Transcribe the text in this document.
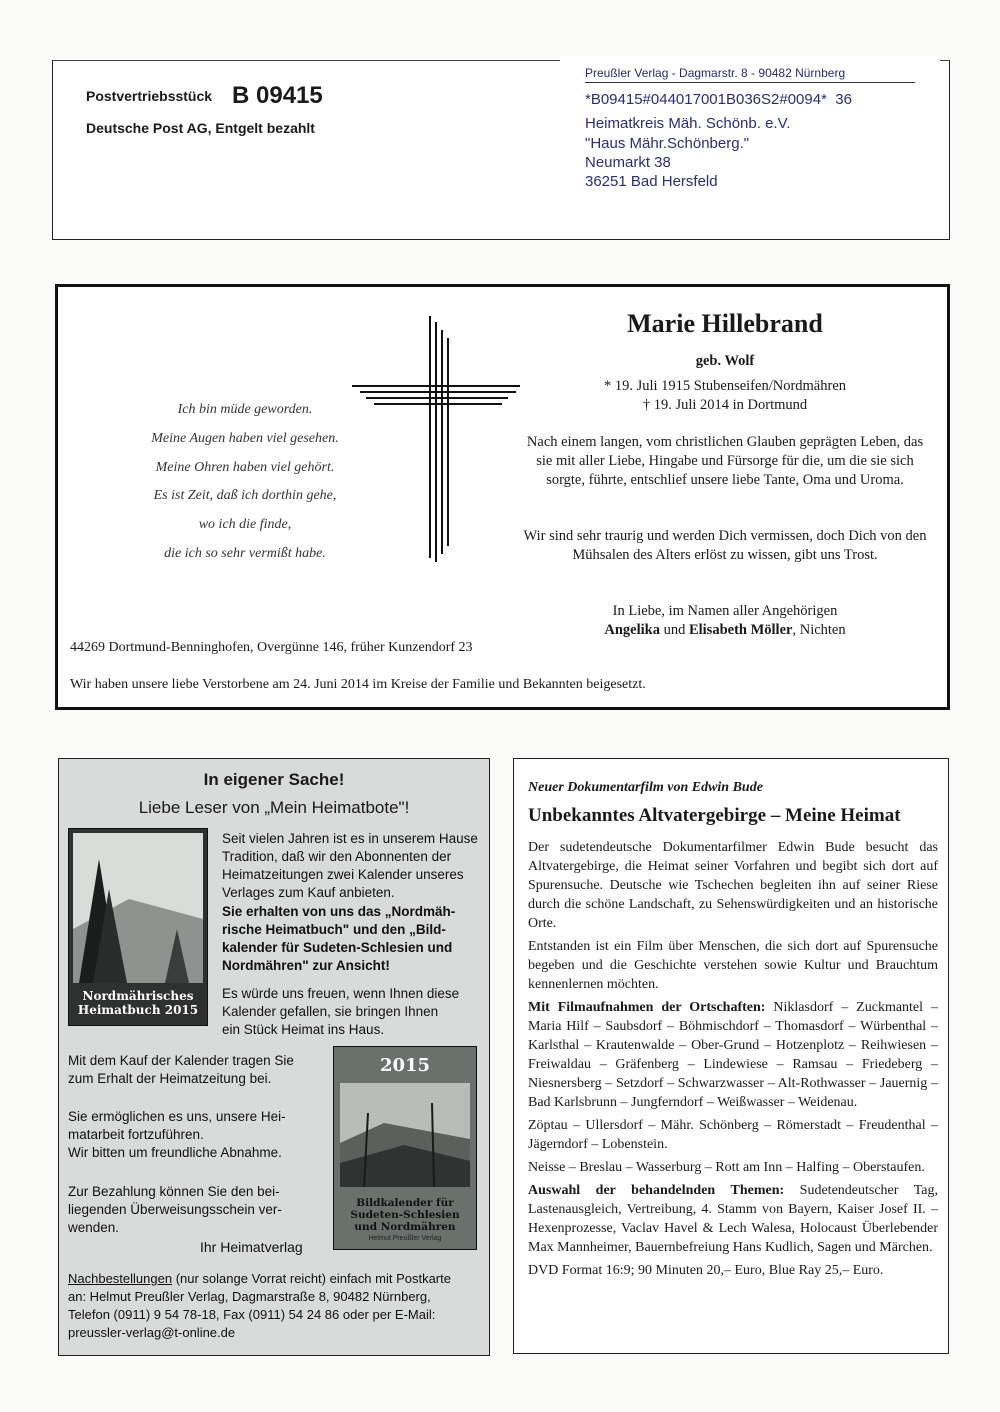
Postvertriebsstück B 09415
Deutsche Post AG, Entgelt bezahlt
Preußler Verlag - Dagmarstr. 8 - 90482 Nürnberg
*B09415#044017001B036S2#0094* 36
Heimatkreis Mäh. Schönb. e.V.
"Haus Mähr.Schönberg."
Neumarkt 38
36251 Bad Hersfeld
Ich bin müde geworden.
Meine Augen haben viel gesehen.
Meine Ohren haben viel gehört.
Es ist Zeit, daß ich dorthin gehe,
wo ich die finde,
die ich so sehr vermißt habe.
Marie Hillebrand
geb. Wolf
* 19. Juli 1915 Stubenseifen/Nordmähren
† 19. Juli 2014 in Dortmund
Nach einem langen, vom christlichen Glauben geprägten Leben, das sie mit aller Liebe, Hingabe und Fürsorge für die, um die sie sich sorgte, führte, entschlief unsere liebe Tante, Oma und Uroma.
Wir sind sehr traurig und werden Dich vermissen, doch Dich von den Mühsalen des Alters erlöst zu wissen, gibt uns Trost.
In Liebe, im Namen aller Angehörigen
Angelika und Elisabeth Möller, Nichten
44269 Dortmund-Benninghofen, Overgünne 146, früher Kunzendorf 23
Wir haben unsere liebe Verstorbene am 24. Juni 2014 im Kreise der Familie und Bekannten beigesetzt.
In eigener Sache!
Liebe Leser von „Mein Heimatbote"!
Nordmährisches Heimatbuch 2015
Seit vielen Jahren ist es in unserem Hause
Tradition, daß wir den Abonnenten der
Heimatzeitungen zwei Kalender unseres
Verlages zum Kauf anbieten.
Sie erhalten von uns das „Nordmäh-
rische Heimatbuch" und den „Bild-
kalender für Sudeten-Schlesien und
Nordmähren" zur Ansicht!
Es würde uns freuen, wenn Ihnen diese
Kalender gefallen, sie bringen Ihnen
ein Stück Heimat ins Haus.
Mit dem Kauf der Kalender tragen Sie
zum Erhalt der Heimatzeitung bei.
Sie ermöglichen es uns, unsere Hei-
matarbeit fortzuführen.
Wir bitten um freundliche Abnahme.
Zur Bezahlung können Sie den bei-
liegenden Überweisungsschein ver-
wenden.
Ihr Heimatverlag
2015
Bildkalender für
Sudeten-Schlesien
und Nordmähren
Helmut Preußler Verlag
Nachbestellungen (nur solange Vorrat reicht) einfach mit Postkarte
an: Helmut Preußler Verlag, Dagmarstraße 8, 90482 Nürnberg,
Telefon (0911) 9 54 78-18, Fax (0911) 54 24 86 oder per E-Mail:
preussler-verlag@t-online.de
Neuer Dokumentarfilm von Edwin Bude
Unbekanntes Altvatergebirge – Meine Heimat

Der sudetendeutsche Dokumentarfilmer Edwin Bude besucht das Altvatergebirge, die Heimat seiner Vorfahren und begibt sich dort auf Spurensuche. Deutsche wie Tschechen begleiten ihn auf seiner Riese durch die schöne Landschaft, zu Sehenswürdigkeiten und an historische Orte.

Entstanden ist ein Film über Menschen, die sich dort auf Spurensuche begeben und die Geschichte verstehen sowie Kultur und Brauchtum kennenlernen möchten.

Mit Filmaufnahmen der Ortschaften: Niklasdorf – Zuckmantel – Maria Hilf – Saubsdorf – Böhmischdorf – Thomasdorf – Würbenthal – Karlsthal – Krautenwalde – Ober-Grund – Hotzenplotz – Reihwiesen – Freiwaldau – Gräfenberg – Lindewiese – Ramsau – Friedeberg – Niesnersberg – Setzdorf – Schwarzwasser – Alt-Rothwasser – Jauernig – Bad Karlsbrunn – Jungferndorf – Weißwasser – Weidenau.

Zöptau – Ullersdorf – Mähr. Schönberg – Römerstadt – Freudenthal –Jägerndorf – Lobenstein.

Neisse – Breslau – Wasserburg – Rott am Inn – Halfing – Oberstaufen.

Auswahl der behandelnden Themen: Sudetendeutscher Tag, Lastenausgleich, Vertreibung, 4. Stamm von Bayern, Kaiser Josef II. – Hexenprozesse, Vaclav Havel & Lech Walesa, Holocaust Überlebender Max Mannheimer, Bauernbefreiung Hans Kudlich, Sagen und Märchen.

DVD Format 16:9; 90 Minuten 20,– Euro, Blue Ray 25,– Euro.
